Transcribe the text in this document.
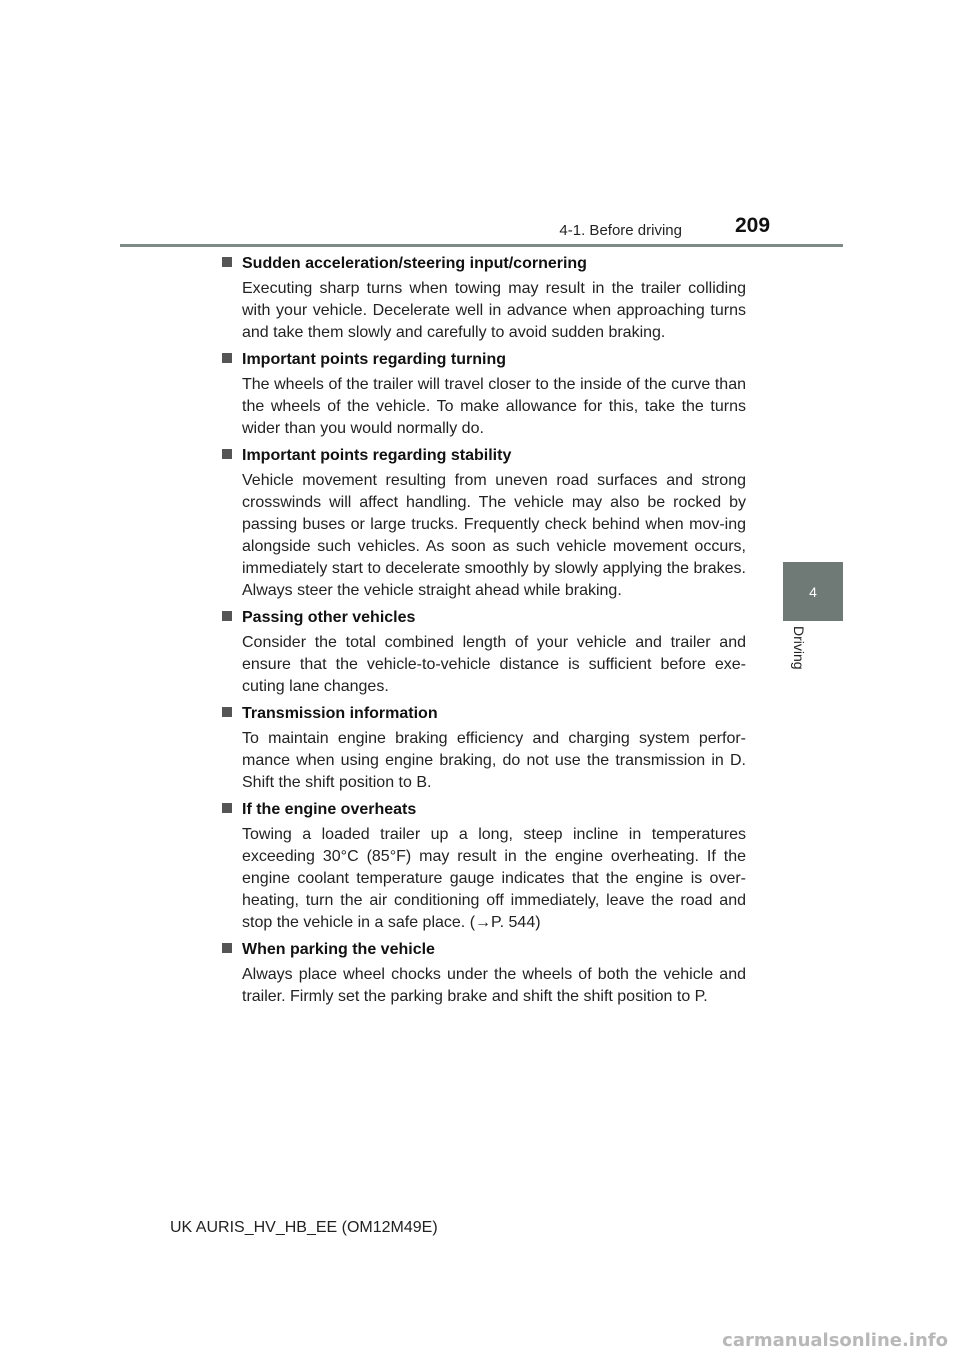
4-1. Before driving	209
4
Driving
Sudden acceleration/steering input/cornering
Executing sharp turns when towing may result in the trailer colliding with your vehicle. Decelerate well in advance when approaching turns and take them slowly and carefully to avoid sudden braking.
Important points regarding turning
The wheels of the trailer will travel closer to the inside of the curve than the wheels of the vehicle. To make allowance for this, take the turns wider than you would normally do.
Important points regarding stability
Vehicle movement resulting from uneven road surfaces and strong crosswinds will affect handling. The vehicle may also be rocked by passing buses or large trucks. Frequently check behind when mov-ing alongside such vehicles. As soon as such vehicle movement occurs, immediately start to decelerate smoothly by slowly applying the brakes. Always steer the vehicle straight ahead while braking.
Passing other vehicles
Consider the total combined length of your vehicle and trailer and ensure that the vehicle-to-vehicle distance is sufficient before exe-cuting lane changes.
Transmission information
To maintain engine braking efficiency and charging system perfor-mance when using engine braking, do not use the transmission in D. Shift the shift position to B.
If the engine overheats
Towing a loaded trailer up a long, steep incline in temperatures exceeding 30°C (85°F) may result in the engine overheating. If the engine coolant temperature gauge indicates that the engine is over-heating, turn the air conditioning off immediately, leave the road and stop the vehicle in a safe place. (→P. 544)
When parking the vehicle
Always place wheel chocks under the wheels of both the vehicle and trailer. Firmly set the parking brake and shift the shift position to P.
UK AURIS_HV_HB_EE (OM12M49E)
carmanualsonline.info
